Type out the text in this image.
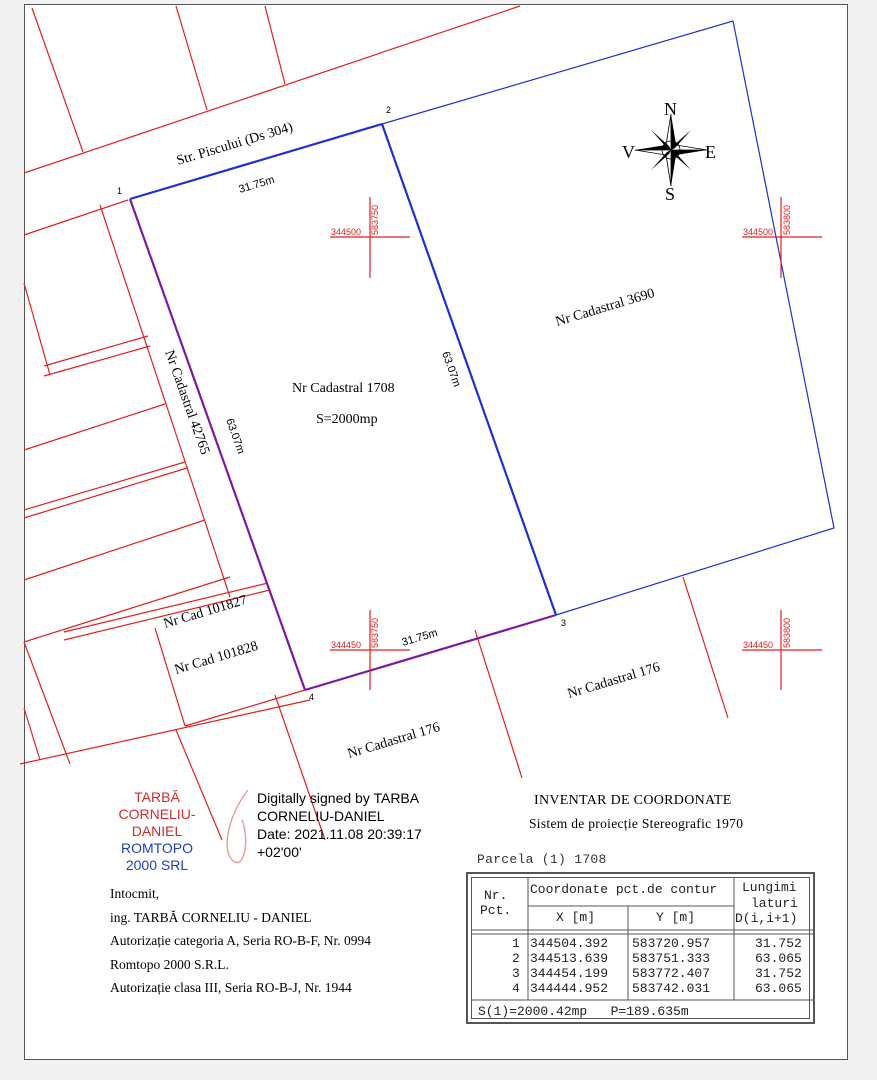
N
S
E
V
Str. Piscului (Ds 304)
Nr Cadastral 1708
S=2000mp
Nr Cadastral 3690
Nr Cadastral 42765
Nr Cad 101827
Nr Cad 101828
Nr Cadastral 176
Nr Cadastral 176
31.75m
31.75m
63.07m
63.07m
1
2
3
4
344500 583750	344500 583800
344450 583750	344450 583800
TARBĂ
CORNELIU-
DANIEL
ROMTOPO
2000 SRL
Digitally signed by TARBA
CORNELIU-DANIEL
Date: 2021.11.08 20:39:17
+02'00'
Intocmit,
ing. TARBĂ CORNELIU - DANIEL
Autorizație categoria A, Seria RO-B-F, Nr. 0994
Romtopo 2000 S.R.L.
Autorizație clasa III, Seria RO-B-J, Nr. 1944
INVENTAR DE COORDONATE
Sistem de proiecție Stereografic 1970
Parcela (1) 1708
Nr.
Pct.
Coordonate pct.de contur
X [m]	Y [m]
Lungimi
laturi
D(i,i+1)
1 344504.392 583720.957	31.752
2 344513.639 583751.333	63.065
3 344454.199 583772.407	31.752
4 344444.952 583742.031	63.065
S(1)=2000.42mp   P=189.635m
